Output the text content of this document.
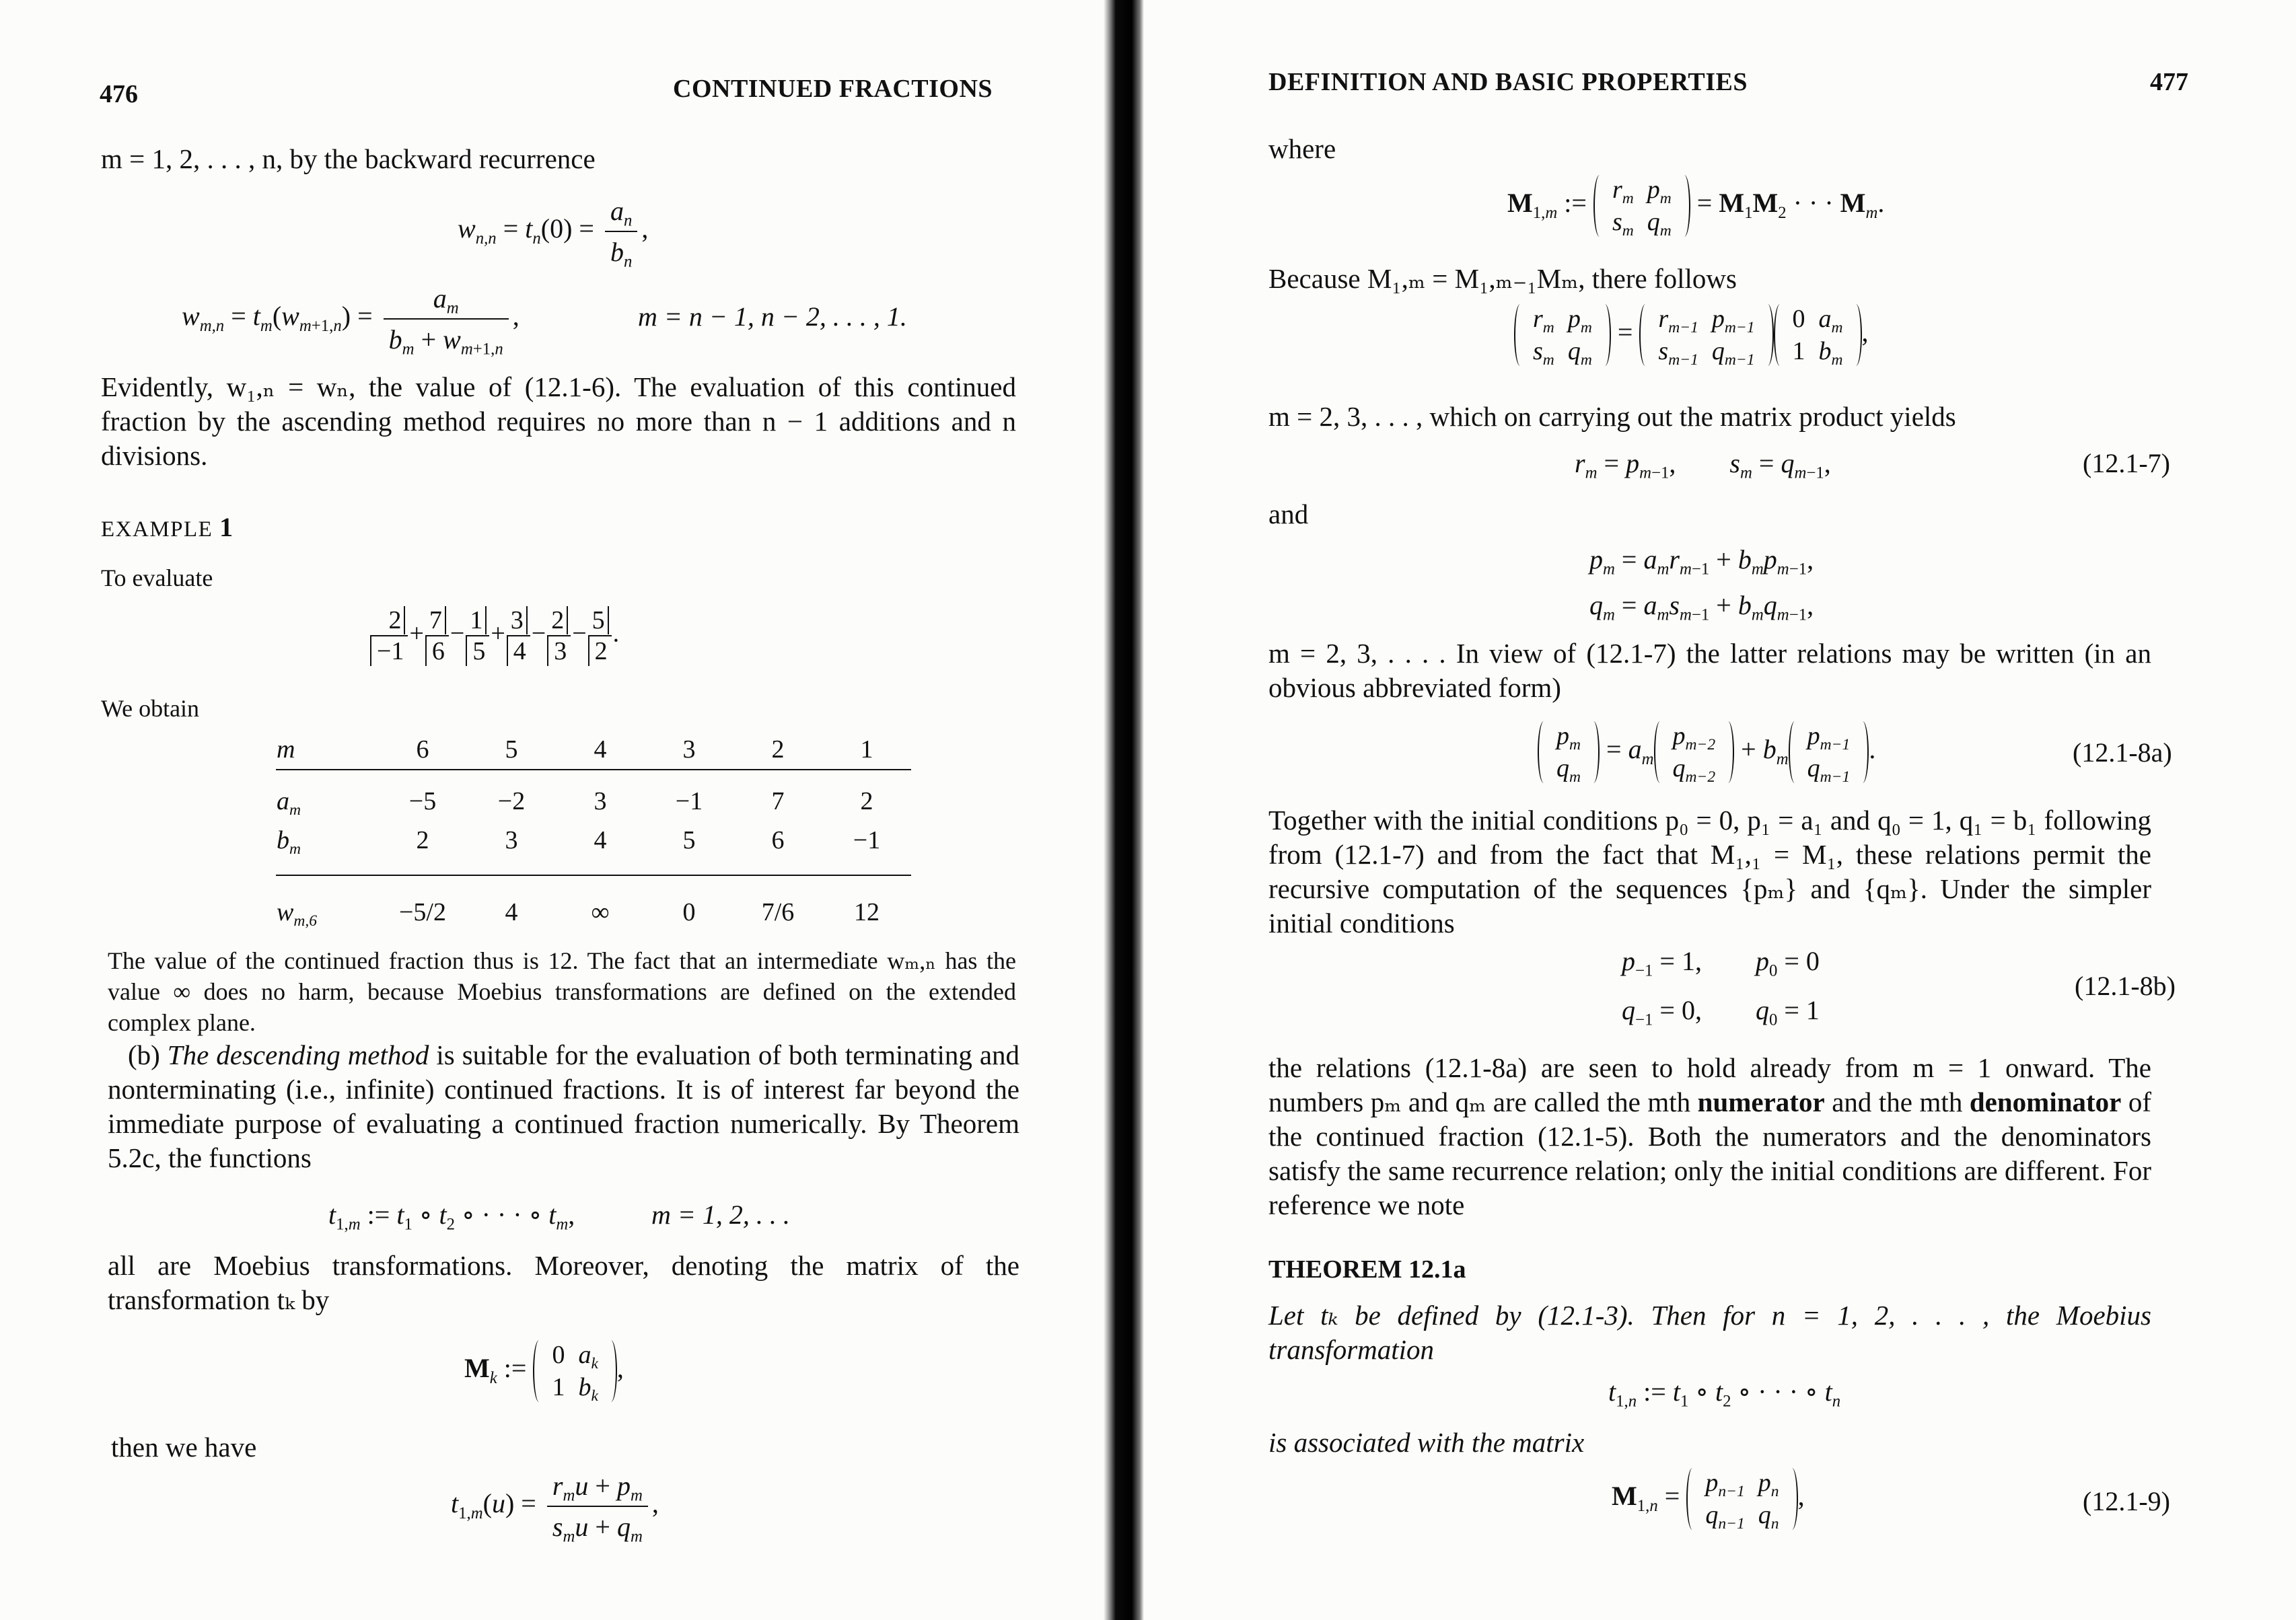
476	CONTINUED FRACTIONS
m = 1, 2, . . . , n, by the backward recurrence
$w_{n,n} = t_n(0) = \frac{a_n}{b_n}$ ,
$w_{m,n} = t_m(w_{m+1,n}) = \frac{a_m}{b_m + w_{m+1,n}}$ ,	m = n − 1, n − 2, . . . , 1.
Evidently, w₁,ₙ = wₙ, the value of (12.1-6). The evaluation of this continued fraction by the ascending method requires no more than n − 1 additions and n divisions.
EXAMPLE 1
To evaluate
$\frac{2}{-1} + \frac{7}{6} - \frac{1}{5} + \frac{3}{4} - \frac{2}{3} - \frac{5}{2}$ .
We obtain
m	6	5	4	3	2	1
$a_m$	−5	−2	3	−1	7	2
$b_m$	2	3	4	5	6	−1

$w_{m,6}$	−5/2	4	∞	0	7/6	12
The value of the continued fraction thus is 12. The fact that an intermediate wₘ,ₙ has the value ∞ does no harm, because Moebius transformations are defined on the extended complex plane.
(b) The descending method is suitable for the evaluation of both terminating and nonterminating (i.e., infinite) continued fractions. It is of interest far beyond the immediate purpose of evaluating a continued fraction numerically. By Theorem 5.2c, the functions
$t_{1,m}$ := $t_1$ ∘ $t_2$ ∘ · · · ∘ $t_m$,	m = 1, 2, . . .
all are Moebius transformations. Moreover, denoting the matrix of the transformation tₖ by
$M_k$ := 0	$a_k$
1	$b_k$
,
then we have
$t_{1,m}(u) = \frac{r_mu + p_m}{s_mu + q_m}$ ,
DEFINITION AND BASIC PROPERTIES	477
where
$M_{1,m}$ := $r_m$	$p_m$
$s_m$	$q_m$
= $M_1M_2$ · · · $M_m$.
Because M₁,ₘ = M₁,ₘ₋₁Mₘ, there follows
$r_m$	$p_m$
$s_m$	$q_m$
= $r_{m-1}$	$p_{m-1}$
$s_{m-1}$	$q_{m-1}$
0	$a_m$
1	$b_m$
,
m = 2, 3, . . . , which on carrying out the matrix product yields
$r_m = p_{m-1}$,        $s_m = q_{m-1}$,	(12.1-7)
and
$p_m = a_mr_{m-1} + b_mp_{m-1}$,
$q_m = a_ms_{m-1} + b_mq_{m-1}$,
m = 2, 3, . . . . In view of (12.1-7) the latter relations may be written (in an obvious abbreviated form)
$p_m$
$q_m$
= $a_m$
$p_{m-2}$
$q_{m-2}$
+ $b_m$
$p_{m-1}$
$q_{m-1}$
.	(12.1-8a)
Together with the initial conditions p₀ = 0, p₁ = a₁ and q₀ = 1, q₁ = b₁ following from (12.1-7) and from the fact that M₁,₁ = M₁, these relations permit the recursive computation of the sequences {pₘ} and {qₘ}. Under the simpler initial conditions
$p_{-1} = 1$,        $p_0 = 0$
$q_{-1} = 0$,        $q_0 = 1$
(12.1-8b)
the relations (12.1-8a) are seen to hold already from m = 1 onward. The numbers pₘ and qₘ are called the mth numerator and the mth denominator of the continued fraction (12.1-5). Both the numerators and the denominators satisfy the same recurrence relation; only the initial conditions are different. For reference we note
THEOREM 12.1a
Let tₖ be defined by (12.1-3). Then for n = 1, 2, . . . , the Moebius transformation
$t_{1,n}$ := $t_1$ ∘ $t_2$ ∘ · · · ∘ $t_n$
is associated with the matrix
$M_{1,n} = p_{n-1}$	$p_n$
$q_{n-1}$	$q_n$
,	(12.1-9)
